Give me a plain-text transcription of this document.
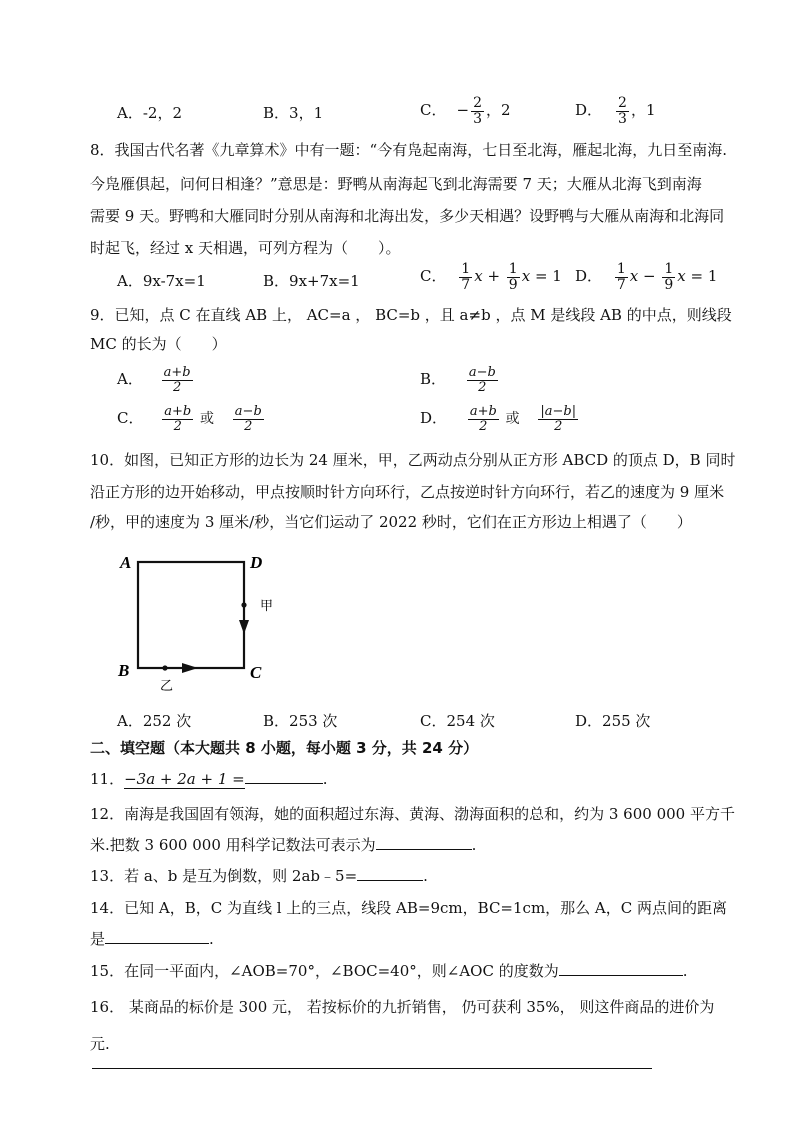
A．-2，2	B．3，1	C． − $\frac{2}{3}$ ，2	D． $\frac{2}{3}$ ，1
8．我国古代名著《九章算术》中有一题：“今有凫起南海，七日至北海，雁起北海，九日至南海.
今凫雁俱起，问何日相逢？”意思是：野鸭从南海起飞到北海需要 7 天；大雁从北海飞到南海
需要 9 天。野鸭和大雁同时分别从南海和北海出发，多少天相遇？设野鸭与大雁从南海和北海同
时起飞，经过 x 天相遇，可列方程为（　　）。
A．9x-7x=1	B．9x+7x=1	C． $\frac{1}{7}$ $x + \frac{1}{9}$ x = 1 D． $\frac{1}{7}$ $x - \frac{1}{9}$ x = 1
9．已知，点 C 在直线 AB 上， AC=a ， BC=b ，且 a≠b ，点 M 是线段 AB 的中点，则线段
MC 的长为（　　）
A． $\frac{a+b}{2}$	B． $\frac{a-b}{2}$
C． $\frac{a+b}{2}$ 或 $\frac{a-b}{2}$	D． $\frac{a+b}{2}$ 或 $\frac{|a-b|}{2}$
10．如图，已知正方形的边长为 24 厘米，甲，乙两动点分别从正方形 ABCD 的顶点 D，B 同时
沿正方形的边开始移动，甲点按顺时针方向环行，乙点按逆时针方向环行，若乙的速度为 9 厘米
/秒，甲的速度为 3 厘米/秒，当它们运动了 2022 秒时，它们在正方形边上相遇了（　　）
A	D
B	C
甲
乙
A．252 次	B．253 次	C．254 次	D．255 次
二、填空题（本大题共 8 小题，每小题 3 分，共 24 分）
11．−3a + 2a + 1 =	.
12．南海是我国固有领海，她的面积超过东海、黄海、渤海面积的总和，约为 3 600 000 平方千
米.把数 3 600 000 用科学记数法可表示为	.
13．若 a、b 是互为倒数，则 2ab﹣5=	.
14．已知 A，B，C 为直线 l 上的三点，线段 AB=9cm，BC=1cm，那么 A，C 两点间的距离
是	.
15．在同一平面内，∠AOB=70°，∠BOC=40°，则∠AOC 的度数为	.
16． 某商品的标价是 300 元， 若按标价的九折销售， 仍可获利 35%， 则这件商品的进价为
元.
